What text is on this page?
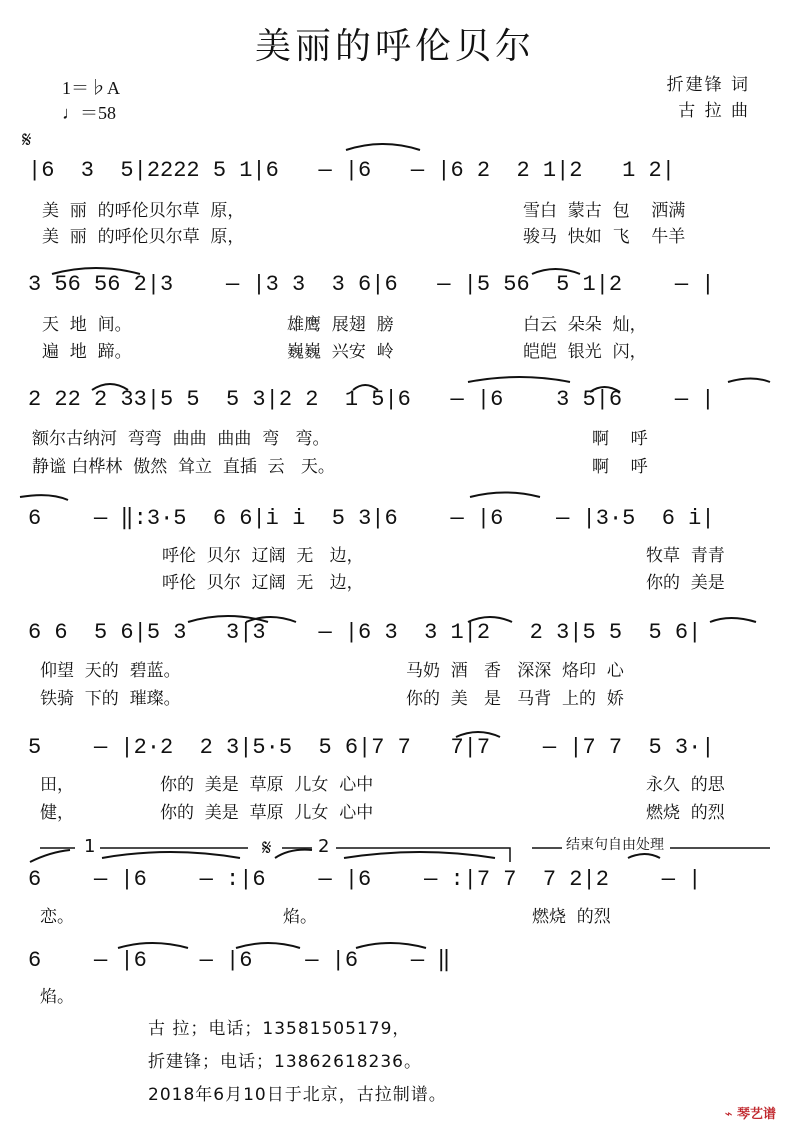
美丽的呼伦贝尔
1＝♭A
♩＝58
折建锋 词
古 拉 曲
𝄋
|6  3  5|2222 5 1|6   — |6   — |6 2  2 1|2   1 2|
3 56 56 2|3    — |3 3  3 6|6   — |5 56  5 1|2    — |
2 22 2 33|5 5  5 3|2 2  1 5|6   — |6    3 5|6    — |
6    — ‖:3·5  6 6|i i  5 3|6    — |6    — |3·5  6 i|
6 6  5 6|5 3   3|3    — |6 3  3 1|2   2 3|5 5  5 6|
5    — |2·2  2 3|5·5  5 6|7 7   7|7    — |7 7  5 3·|
6    — |6    — :|6    — |6    — :|7 7  7 2|2    — |
6    — |6    — |6    — |6    — ‖
1	𝄋	2	结束句自由处理
美  丽  的呼伦贝尔草  原，	雪白  蒙古  包    洒满
美  丽  的呼伦贝尔草  原，	骏马  快如  飞    牛羊
天  地  间。	雄鹰  展翅  膀	白云  朵朵  灿，
遍  地  蹄。	巍巍  兴安  岭	皑皑  银光  闪，
额尔古纳河  弯弯  曲曲  曲曲  弯   弯。	啊    呼
静谧 白桦林  傲然  耸立  直插  云   天。	啊    呼
呼伦  贝尔  辽阔  无   边，	牧草  青青
呼伦  贝尔  辽阔  无   边，	你的  美是
仰望  天的  碧蓝。	马奶  酒   香   深深  烙印  心
铁骑  下的  璀璨。	你的  美   是   马背  上的  娇
田，	你的  美是  草原  儿女  心中	永久  的思
健，	你的  美是  草原  儿女  心中	燃烧  的烈
恋。	焰。	燃烧  的烈
焰。
古 拉；电话；13581505179，
折建锋；电话；13862618236。
2018年6月10日于北京，古拉制谱。
⌁ 琴艺谱
